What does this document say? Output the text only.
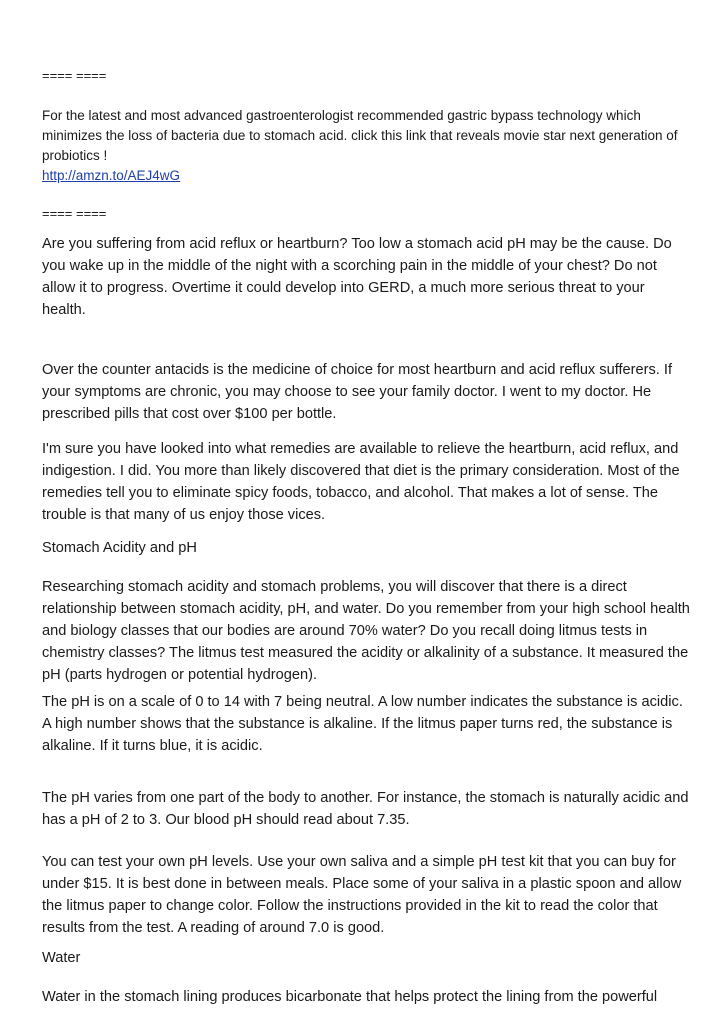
==== ====

For the latest and most advanced gastroenterologist recommended gastric bypass technology which minimizes the loss of bacteria due to stomach acid. click this link that reveals movie star next generation of probiotics !

http://amzn.to/AEJ4wG

==== ====

Are you suffering from acid reflux or heartburn? Too low a stomach acid pH may be the cause. Do you wake up in the middle of the night with a scorching pain in the middle of your chest? Do not allow it to progress. Overtime it could develop into GERD, a much more serious threat to your health.

Over the counter antacids is the medicine of choice for most heartburn and acid reflux sufferers. If your symptoms are chronic, you may choose to see your family doctor. I went to my doctor. He prescribed pills that cost over $100 per bottle.

I'm sure you have looked into what remedies are available to relieve the heartburn, acid reflux, and indigestion. I did. You more than likely discovered that diet is the primary consideration. Most of the remedies tell you to eliminate spicy foods, tobacco, and alcohol. That makes a lot of sense. The trouble is that many of us enjoy those vices.

Stomach Acidity and pH

Researching stomach acidity and stomach problems, you will discover that there is a direct relationship between stomach acidity, pH, and water. Do you remember from your high school health and biology classes that our bodies are around 70% water? Do you recall doing litmus tests in chemistry classes? The litmus test measured the acidity or alkalinity of a substance. It measured the pH (parts hydrogen or potential hydrogen).

The pH is on a scale of 0 to 14 with 7 being neutral. A low number indicates the substance is acidic. A high number shows that the substance is alkaline. If the litmus paper turns red, the substance is alkaline. If it turns blue, it is acidic.

The pH varies from one part of the body to another. For instance, the stomach is naturally acidic and has a pH of 2 to 3. Our blood pH should read about 7.35.

You can test your own pH levels. Use your own saliva and a simple pH test kit that you can buy for under $15. It is best done in between meals. Place some of your saliva in a plastic spoon and allow the litmus paper to change color. Follow the instructions provided in the kit to read the color that results from the test. A reading of around 7.0 is good.

Water

Water in the stomach lining produces bicarbonate that helps protect the lining from the powerful
